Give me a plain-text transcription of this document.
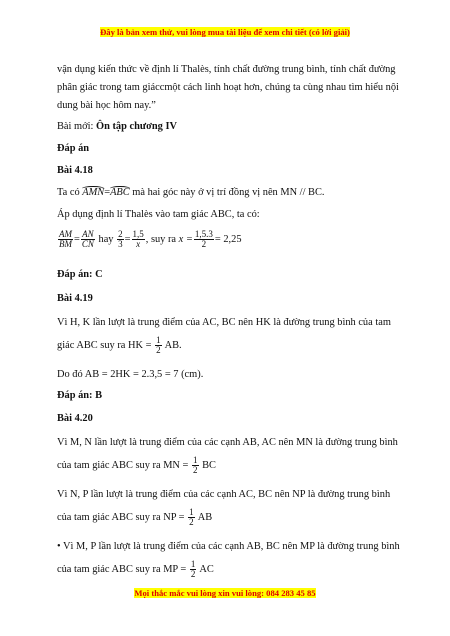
Đây là bản xem thử, vui lòng mua tài liệu để xem chi tiết (có lời giải)

vận dụng kiến thức về định lí Thalès, tính chất đường trung bình, tính chất đường

phân giác trong tam giáccmột cách linh hoạt hơn, chúng ta cùng nhau tìm hiểu nội

dung bài học hôm nay.”

Bài mới: Ôn tập chương IV

Đáp án

Bài 4.18

Ta có AMN=ABC mà hai góc này ở vị trí đồng vị nên MN // BC.

Áp dụng định lí Thalès vào tam giác ABC, ta có:

$\frac{AM}{BM} = \frac{AN}{CN}$ hay $\frac{2}{3} = \frac{1,5}{x}$ , suy ra $x = \frac{1,5.3}{2} = 2,25$

Đáp án: C

Bài 4.19

Vì H, K lần lượt là trung điểm của AC, BC nên HK là đường trung bình của tam

giác ABC suy ra HK = $\frac{1}{2}$ AB.

Do đó AB = 2HK = 2.3,5 = 7 (cm).

Đáp án: B

Bài 4.20

Vì M, N lần lượt là trung điểm của các cạnh AB, AC nên MN là đường trung bình

của tam giác ABC suy ra MN = $\frac{1}{2}$ BC

Vì N, P lần lượt là trung điểm của các cạnh AC, BC nên NP là đường trung bình

của tam giác ABC suy ra NP = $\frac{1}{2}$ AB

• Vì M, P lần lượt là trung điểm của các cạnh AB, BC nên MP là đường trung bình

của tam giác ABC suy ra MP = $\frac{1}{2}$ AC

Mọi thắc mắc vui lòng xin vui lòng: 084 283 45 85
